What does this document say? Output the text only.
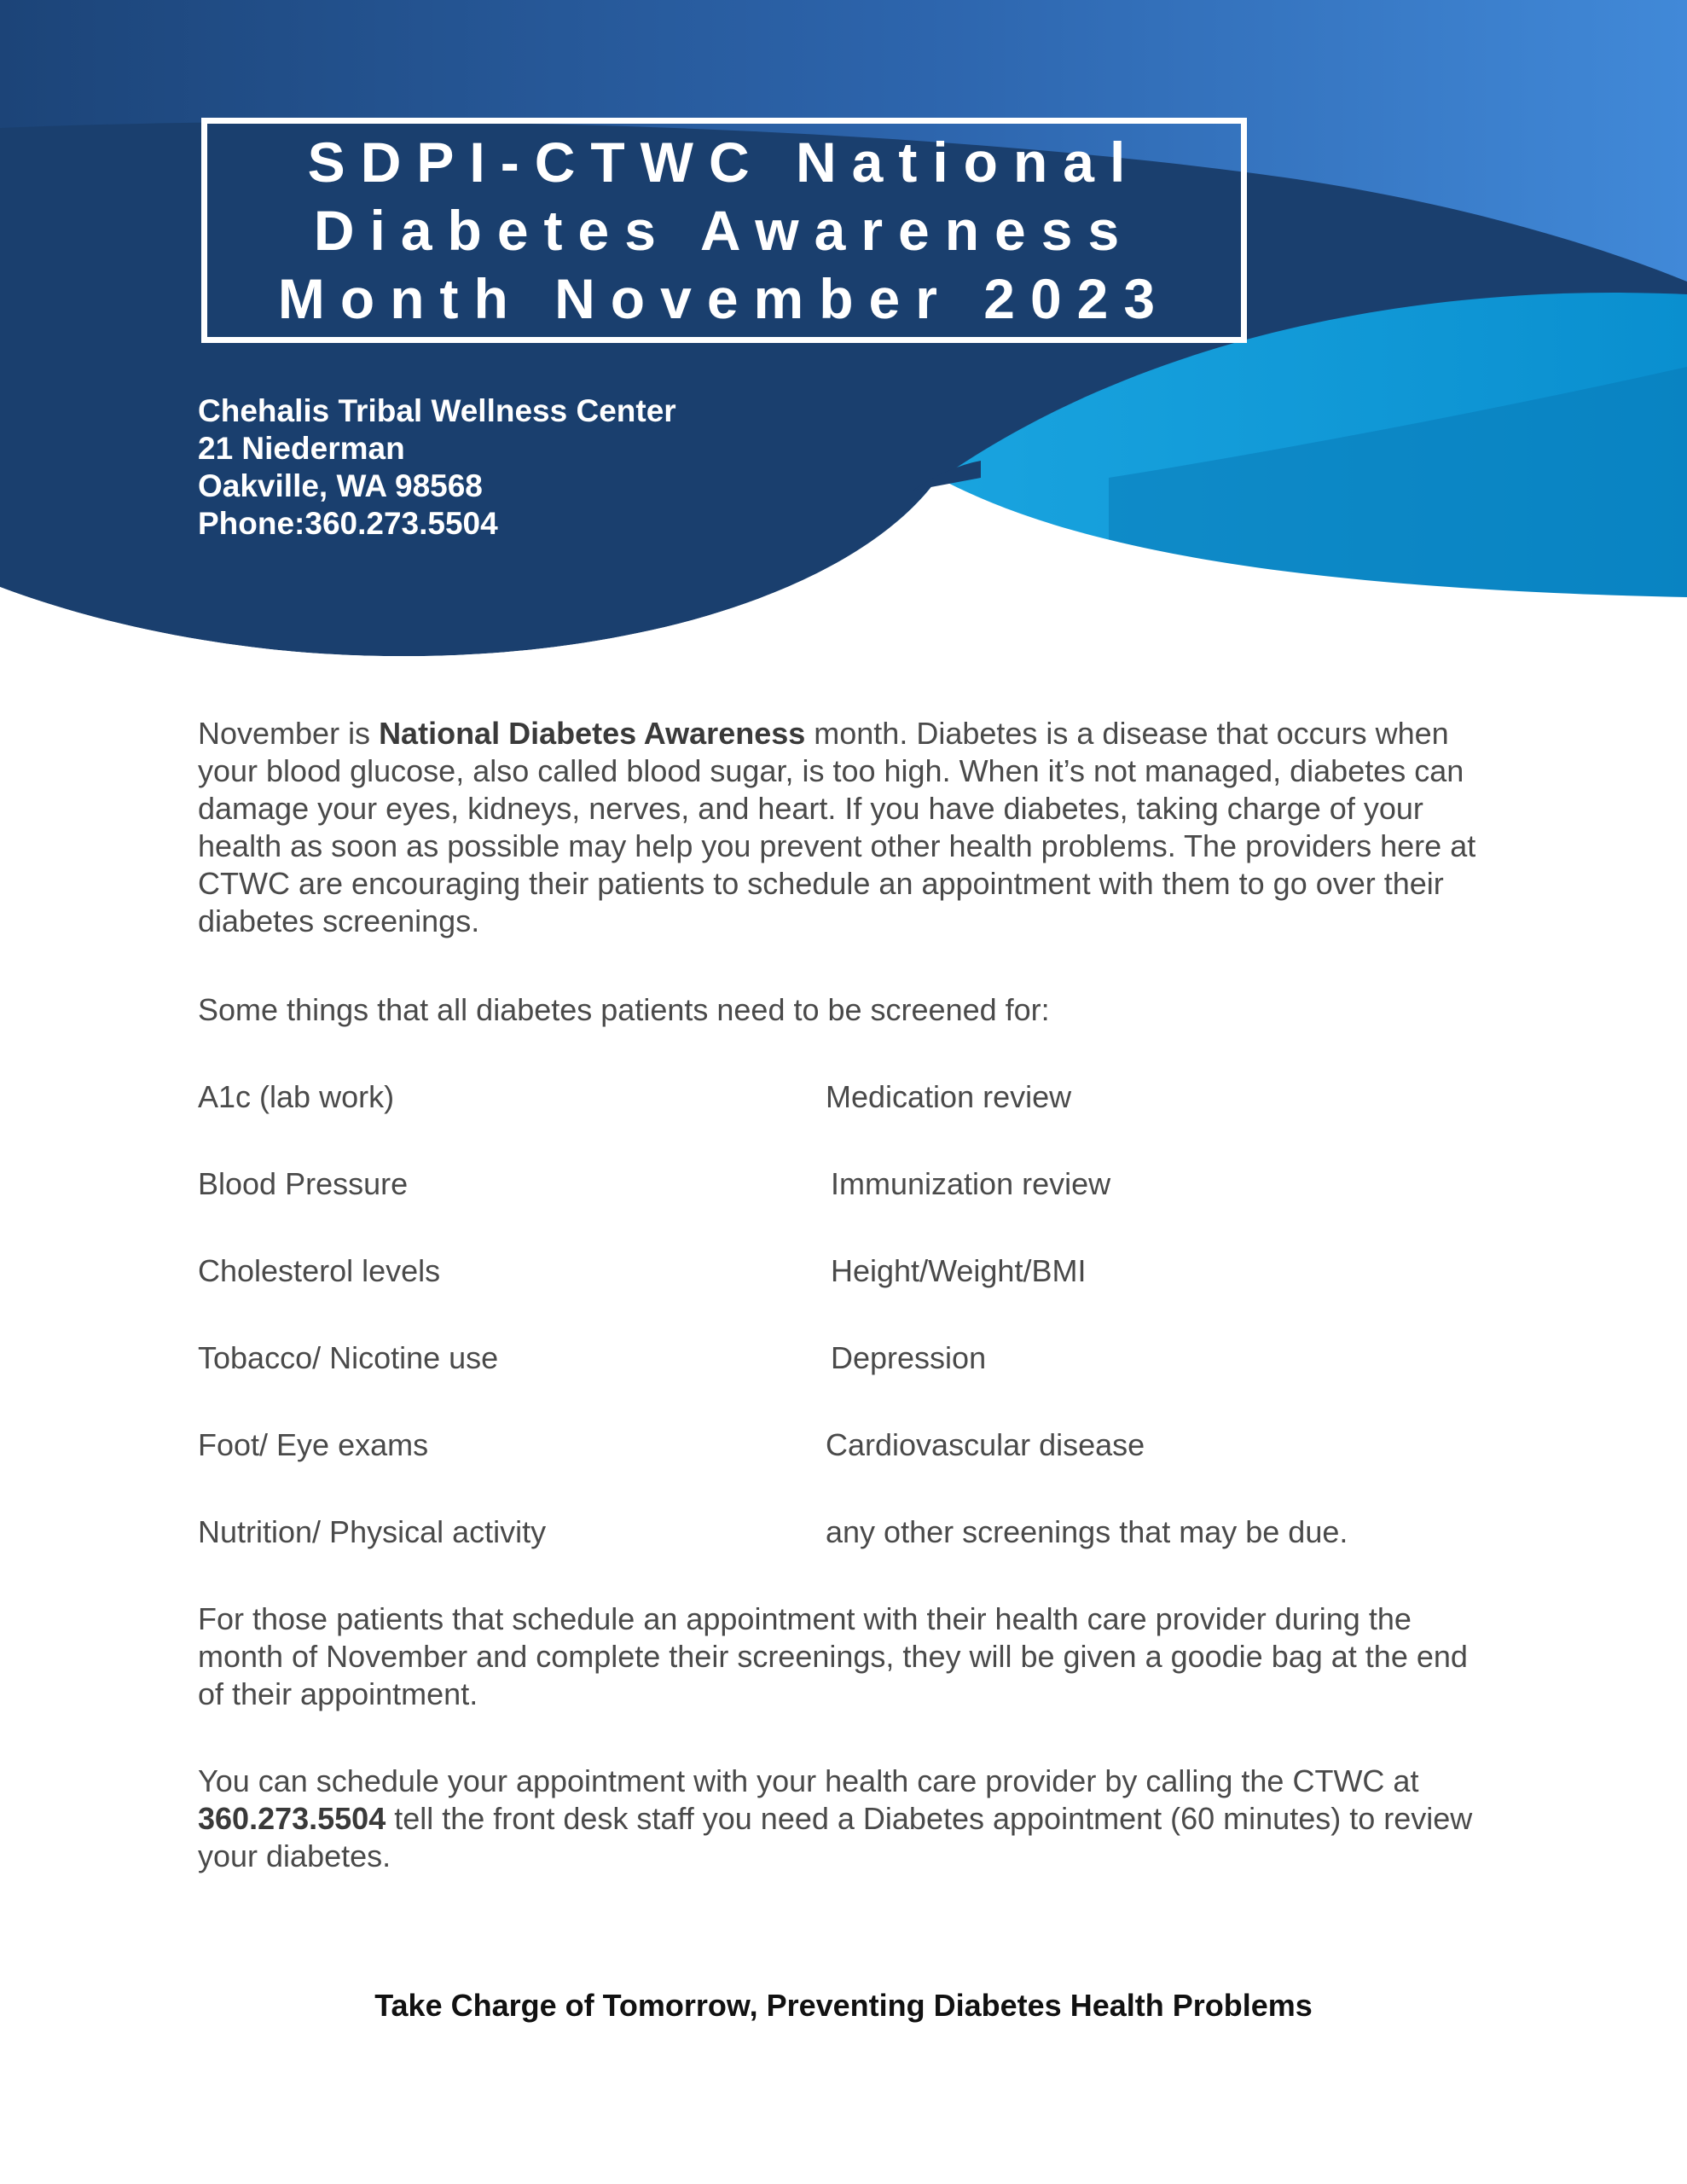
SDPI-CTWC National
Diabetes Awareness
Month November 2023
Chehalis Tribal Wellness Center
21 Niederman
Oakville, WA 98568
Phone:360.273.5504

November is National Diabetes Awareness month. Diabetes is a disease that occurs when your blood glucose, also called blood sugar, is too high. When it’s not managed, diabetes can damage your eyes, kidneys, nerves, and heart. If you have diabetes, taking charge of your health as soon as possible may help you prevent other health problems. The providers here at CTWC are encouraging their patients to schedule an appointment with them to go over their diabetes screenings.

Some things that all diabetes patients need to be screened for:
A1c (lab work)
Blood Pressure
Cholesterol levels
Tobacco/ Nicotine use
Foot/ Eye exams
Nutrition/ Physical activity
Medication review
Immunization review
Height/Weight/BMI
Depression
Cardiovascular disease
any other screenings that may be due.
For those patients that schedule an appointment with their health care provider during the month of November and complete their screenings, they will be given a goodie bag at the end of their appointment.

You can schedule your appointment with your health care provider by calling the CTWC at 360.273.5504 tell the front desk staff you need a Diabetes appointment (60 minutes) to review your diabetes.

Take Charge of Tomorrow, Preventing Diabetes Health Problems
